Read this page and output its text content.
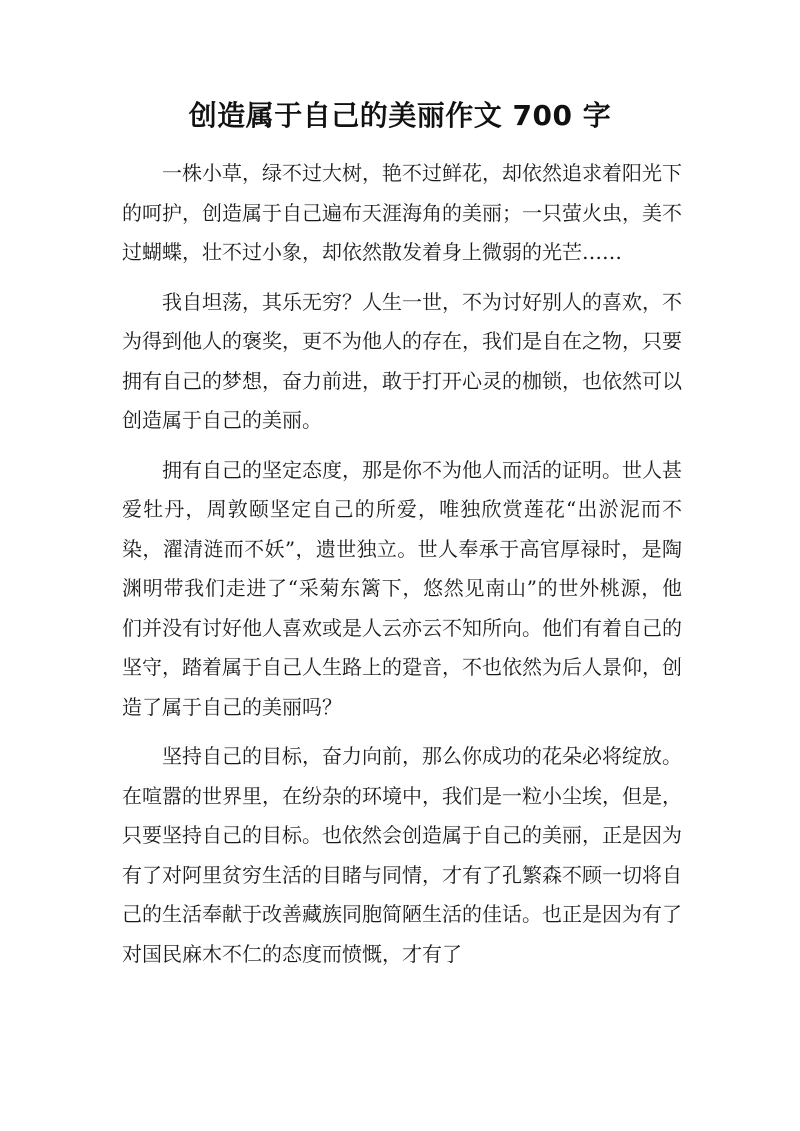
创造属于自己的美丽作文 700 字

一株小草，绿不过大树，艳不过鲜花，却依然追求着阳光下的呵护，创造属于自己遍布天涯海角的美丽；一只萤火虫，美不过蝴蝶，壮不过小象，却依然散发着身上微弱的光芒……

我自坦荡，其乐无穷？人生一世，不为讨好别人的喜欢，不为得到他人的褒奖，更不为他人的存在，我们是自在之物，只要拥有自己的梦想，奋力前进，敢于打开心灵的枷锁，也依然可以创造属于自己的美丽。

拥有自己的坚定态度，那是你不为他人而活的证明。世人甚爱牡丹，周敦颐坚定自己的所爱，唯独欣赏莲花“出淤泥而不染，濯清涟而不妖”，遗世独立。世人奉承于高官厚禄时，是陶渊明带我们走进了“采菊东篱下，悠然见南山”的世外桃源，他们并没有讨好他人喜欢或是人云亦云不知所向。他们有着自己的坚守，踏着属于自己人生路上的跫音，不也依然为后人景仰，创造了属于自己的美丽吗？

坚持自己的目标，奋力向前，那么你成功的花朵必将绽放。在喧嚣的世界里，在纷杂的环境中，我们是一粒小尘埃，但是，只要坚持自己的目标。也依然会创造属于自己的美丽，正是因为有了对阿里贫穷生活的目睹与同情，才有了孔繁森不顾一切将自己的生活奉献于改善藏族同胞简陋生活的佳话。也正是因为有了对国民麻木不仁的态度而愤慨，才有了
